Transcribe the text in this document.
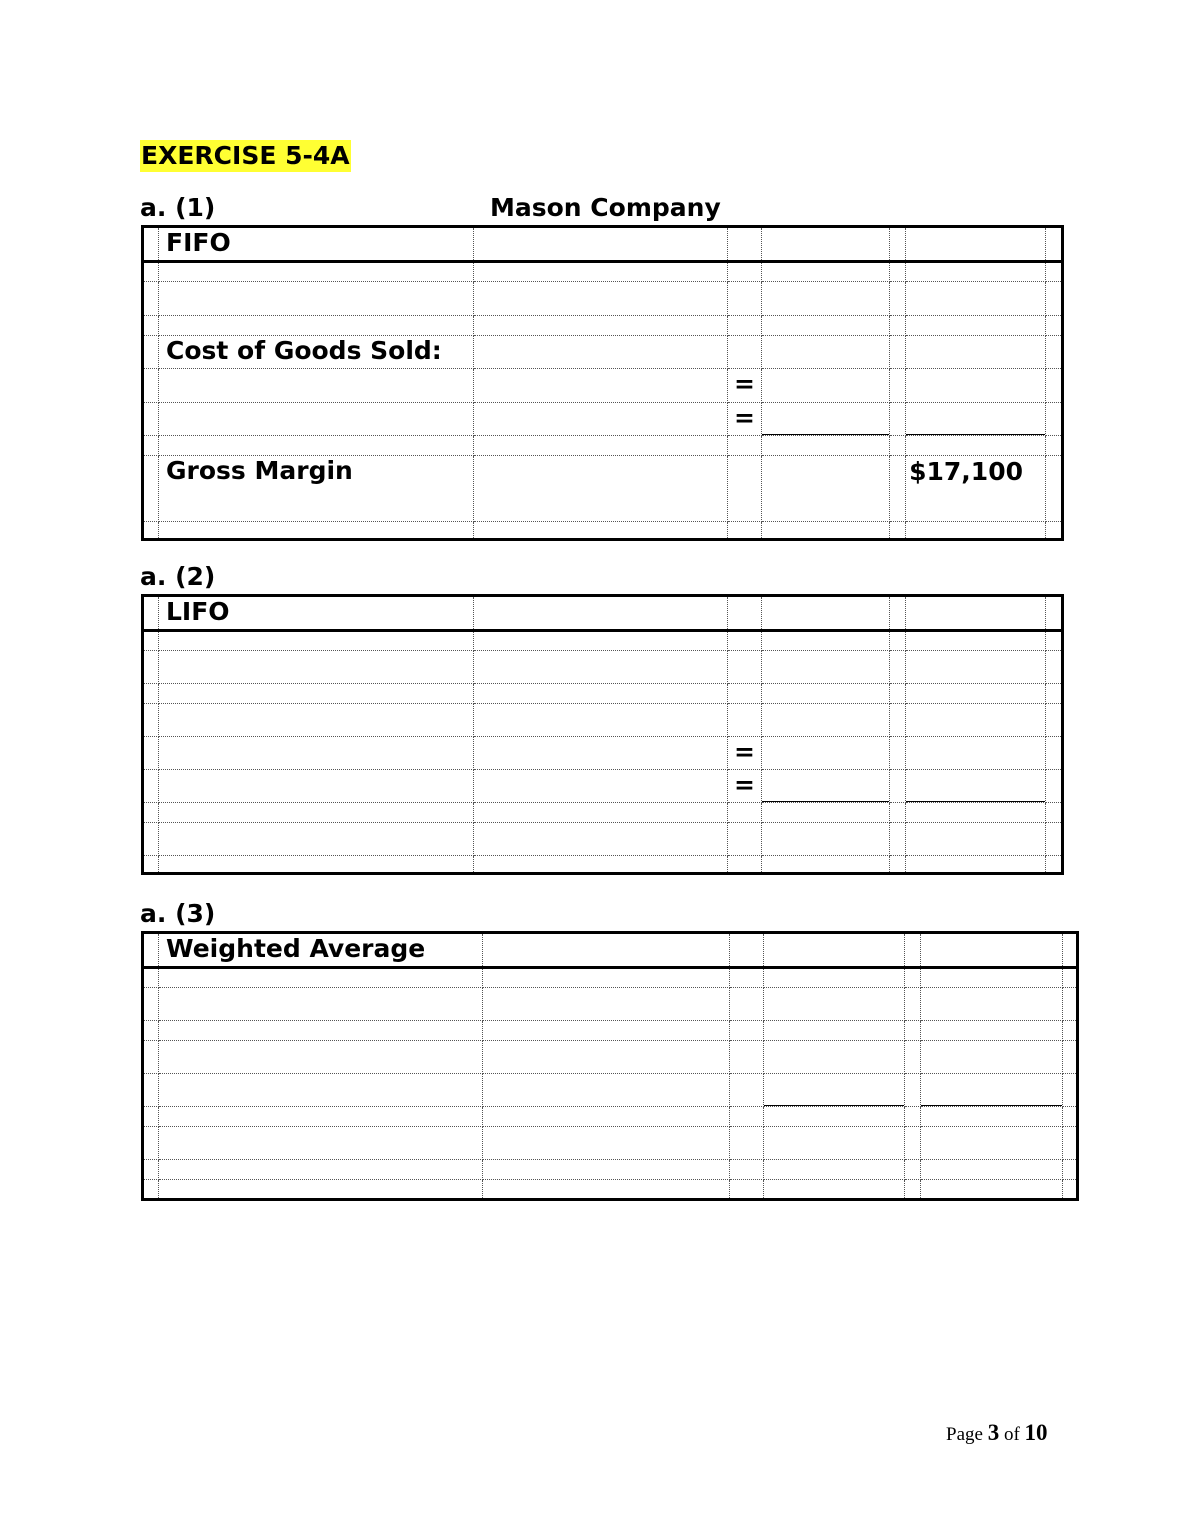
EXERCISE 5-4A
a. (1)	Mason Company
	FIFO						

	Cost of Goods Sold:						
			=				
			=				

	Gross Margin					$17,100	

a. (2)
	LIFO						

			=				
			=				

a. (3)
	Weighted Average						

Page 3 of 10
